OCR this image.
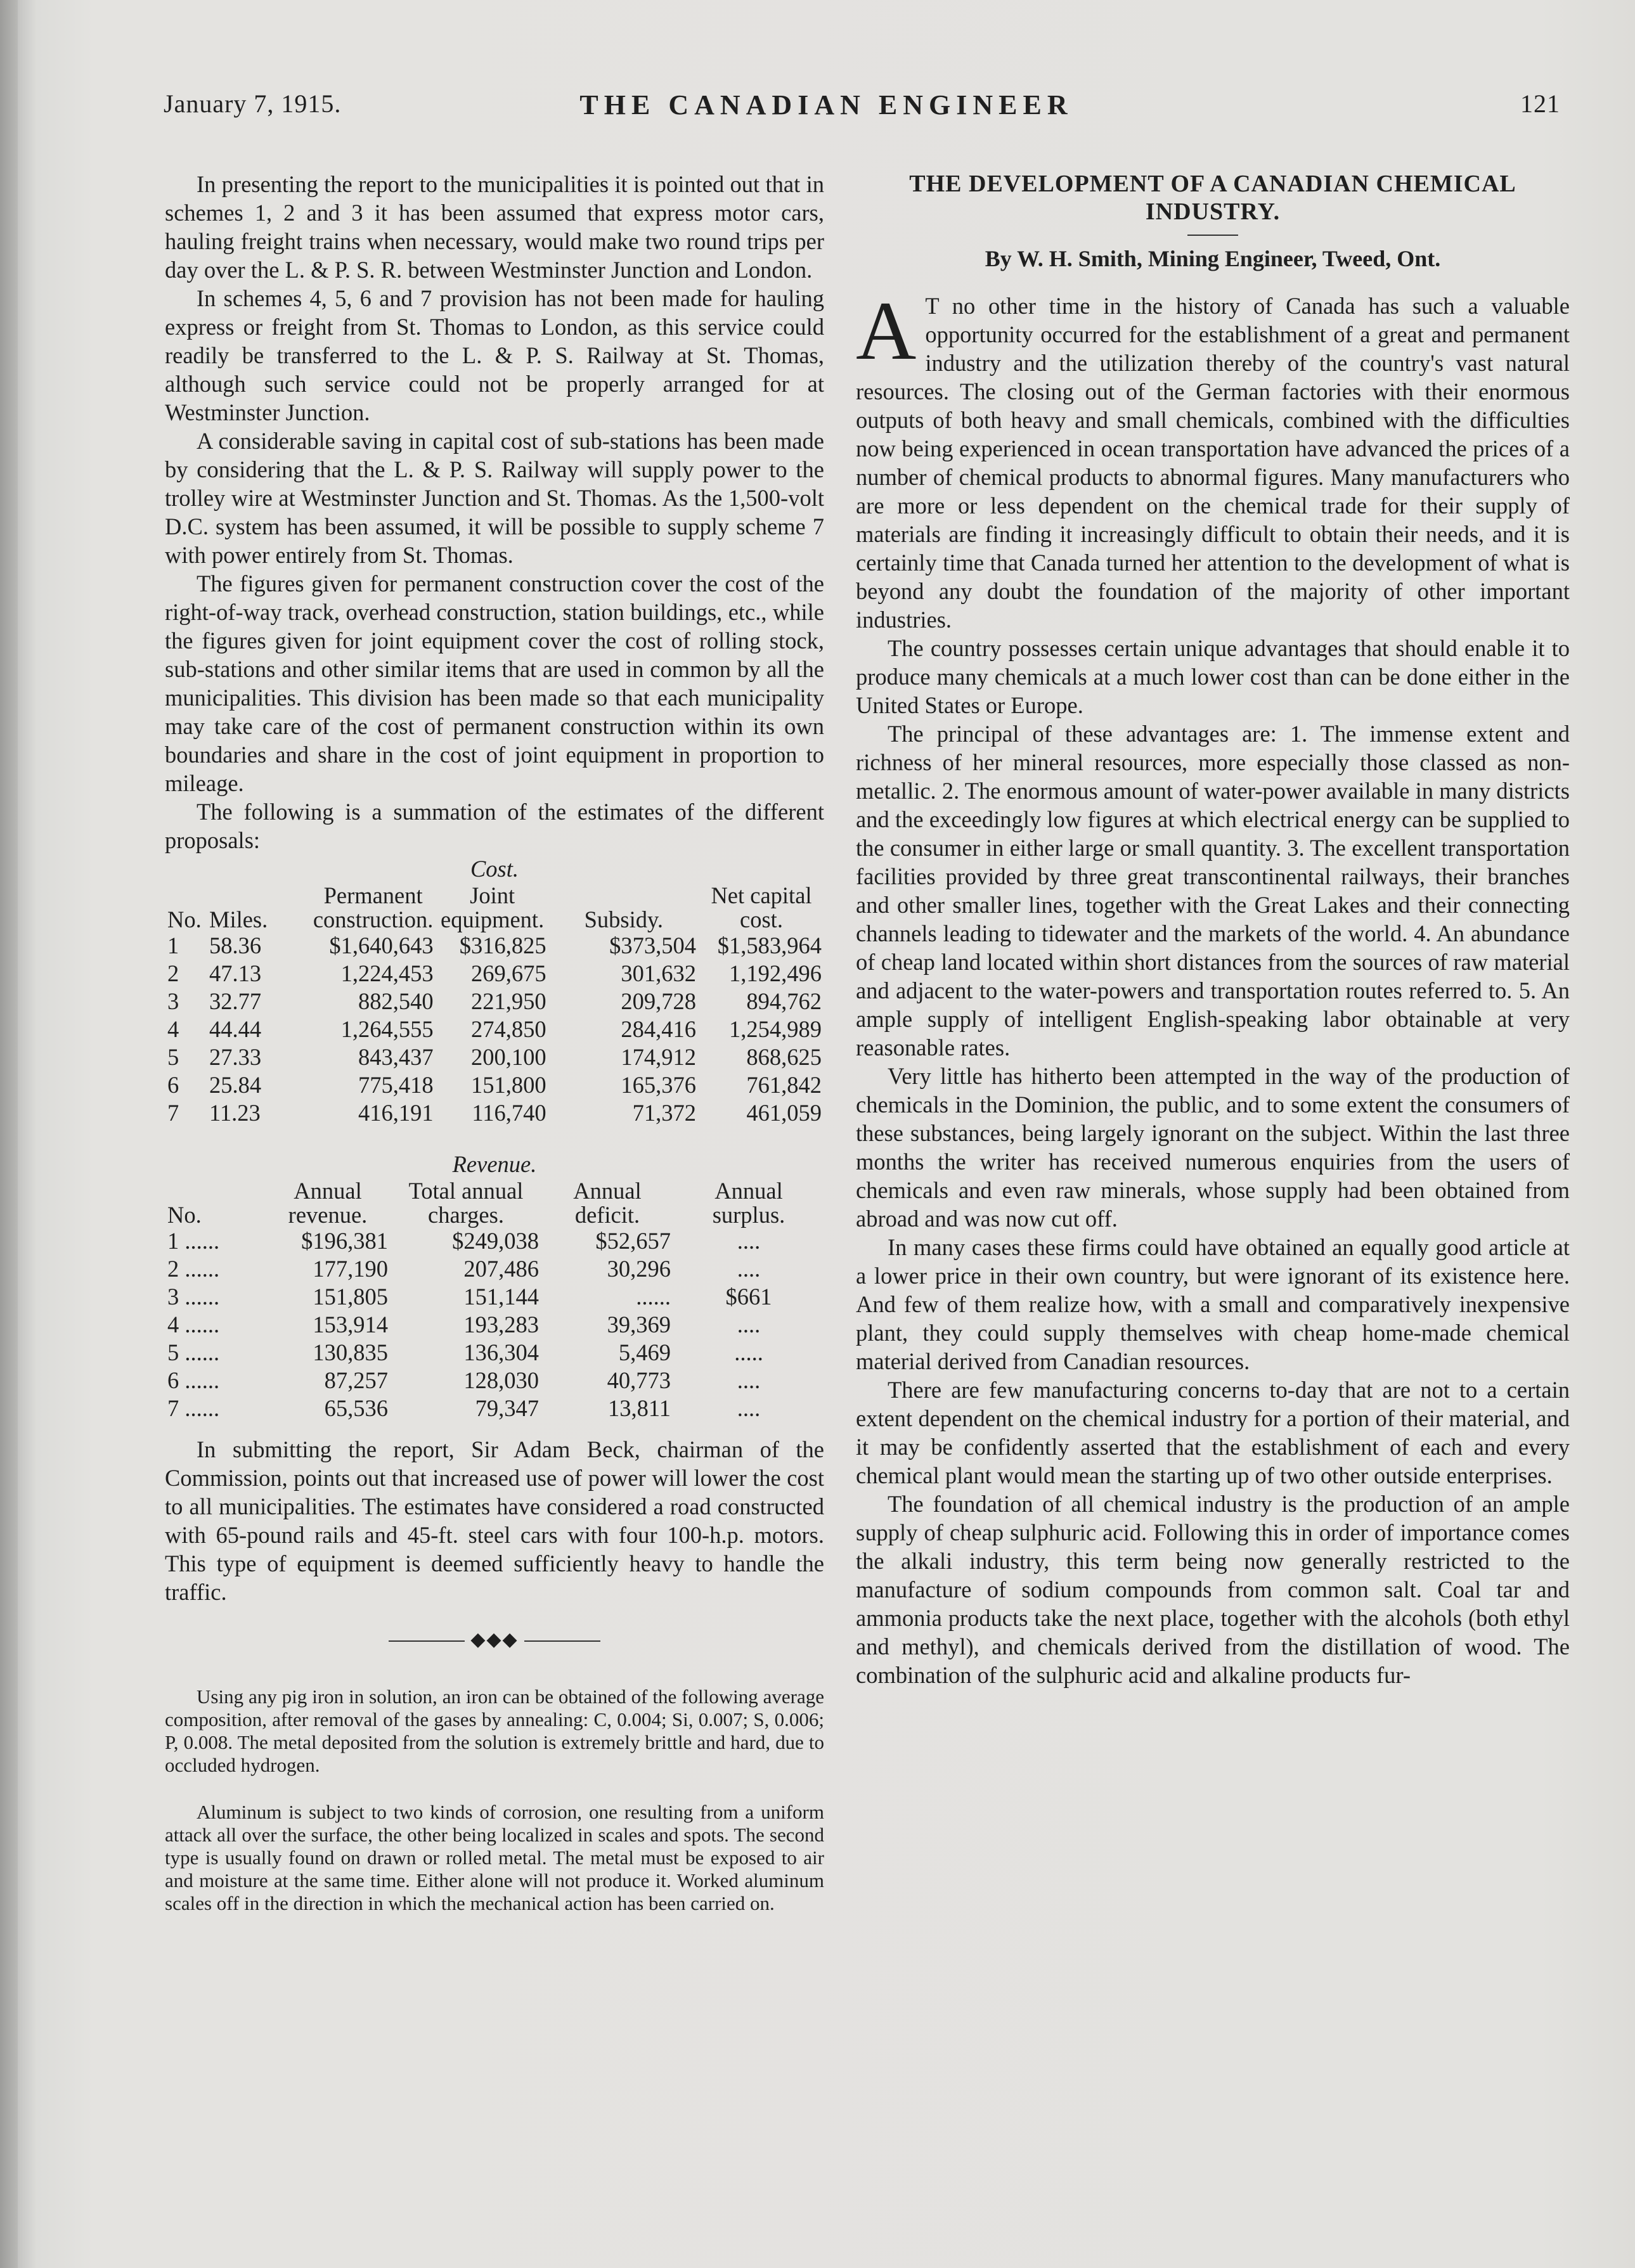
January 7, 1915.	THE CANADIAN ENGINEER	121

In presenting the report to the municipalities it is pointed out that in schemes 1, 2 and 3 it has been assumed that express motor cars, hauling freight trains when necessary, would make two round trips per day over the L. & P. S. R. between Westminster Junction and London.

In schemes 4, 5, 6 and 7 provision has not been made for hauling express or freight from St. Thomas to London, as this service could readily be transferred to the L. & P. S. Railway at St. Thomas, although such service could not be properly arranged for at Westminster Junction.

A considerable saving in capital cost of sub-stations has been made by considering that the L. & P. S. Railway will supply power to the trolley wire at Westminster Junction and St. Thomas. As the 1,500-volt D.C. system has been assumed, it will be possible to supply scheme 7 with power entirely from St. Thomas.

The figures given for permanent construction cover the cost of the right-of-way track, overhead construction, station buildings, etc., while the figures given for joint equipment cover the cost of rolling stock, sub-stations and other similar items that are used in common by all the municipalities. This division has been made so that each municipality may take care of the cost of permanent construction within its own boundaries and share in the cost of joint equipment in proportion to mileage.

The following is a summation of the estimates of the different proposals:

Cost.
No.	Miles.	Permanent construction.	Joint equipment.	Subsidy.	Net capital cost.
1	58.36	$1,640,643	$316,825	$373,504	$1,583,964
2	47.13	1,224,453	269,675	301,632	1,192,496
3	32.77	882,540	221,950	209,728	894,762
4	44.44	1,264,555	274,850	284,416	1,254,989
5	27.33	843,437	200,100	174,912	868,625
6	25.84	775,418	151,800	165,376	761,842
7	11.23	416,191	116,740	71,372	461,059
Revenue.
No.	Annual revenue.	Total annual charges.	Annual deficit.	Annual surplus.
1 ......	$196,381	$249,038	$52,657	....
2 ......	177,190	207,486	30,296	....
3 ......	151,805	151,144	......	$661
4 ......	153,914	193,283	39,369	....
5 ......	130,835	136,304	5,469	.....
6 ......	87,257	128,030	40,773	....
7 ......	65,536	79,347	13,811	....

In submitting the report, Sir Adam Beck, chairman of the Commission, points out that increased use of power will lower the cost to all municipalities. The estimates have considered a road constructed with 65-pound rails and 45-ft. steel cars with four 100-h.p. motors. This type of equipment is deemed sufficiently heavy to handle the traffic.

◆◆◆

Using any pig iron in solution, an iron can be obtained of the following average composition, after removal of the gases by annealing: C, 0.004; Si, 0.007; S, 0.006; P, 0.008. The metal deposited from the solution is extremely brittle and hard, due to occluded hydrogen.

Aluminum is subject to two kinds of corrosion, one resulting from a uniform attack all over the surface, the other being localized in scales and spots. The second type is usually found on drawn or rolled metal. The metal must be exposed to air and moisture at the same time. Either alone will not produce it. Worked aluminum scales off in the direction in which the mechanical action has been carried on.

THE DEVELOPMENT OF A CANADIAN CHEMICAL INDUSTRY.
By W. H. Smith, Mining Engineer, Tweed, Ont.

A T no other time in the history of Canada has such a valuable opportunity occurred for the establishment of a great and permanent industry and the utilization thereby of the country's vast natural resources. The closing out of the German factories with their enormous outputs of both heavy and small chemicals, combined with the difficulties now being experienced in ocean transportation have advanced the prices of a number of chemical products to abnormal figures. Many manufacturers who are more or less dependent on the chemical trade for their supply of materials are finding it increasingly difficult to obtain their needs, and it is certainly time that Canada turned her attention to the development of what is beyond any doubt the foundation of the majority of other important industries.

The country possesses certain unique advantages that should enable it to produce many chemicals at a much lower cost than can be done either in the United States or Europe.

The principal of these advantages are: 1. The immense extent and richness of her mineral resources, more especially those classed as non-metallic. 2. The enormous amount of water-power available in many districts and the exceedingly low figures at which electrical energy can be supplied to the consumer in either large or small quantity. 3. The excellent transportation facilities provided by three great transcontinental railways, their branches and other smaller lines, together with the Great Lakes and their connecting channels leading to tidewater and the markets of the world. 4. An abundance of cheap land located within short distances from the sources of raw material and adjacent to the water-powers and transportation routes referred to. 5. An ample supply of intelligent English-speaking labor obtainable at very reasonable rates.

Very little has hitherto been attempted in the way of the production of chemicals in the Dominion, the public, and to some extent the consumers of these substances, being largely ignorant on the subject. Within the last three months the writer has received numerous enquiries from the users of chemicals and even raw minerals, whose supply had been obtained from abroad and was now cut off.

In many cases these firms could have obtained an equally good article at a lower price in their own country, but were ignorant of its existence here. And few of them realize how, with a small and comparatively inexpensive plant, they could supply themselves with cheap home-made chemical material derived from Canadian resources.

There are few manufacturing concerns to-day that are not to a certain extent dependent on the chemical industry for a portion of their material, and it may be confidently asserted that the establishment of each and every chemical plant would mean the starting up of two other outside enterprises.

The foundation of all chemical industry is the production of an ample supply of cheap sulphuric acid. Following this in order of importance comes the alkali industry, this term being now generally restricted to the manufacture of sodium compounds from common salt. Coal tar and ammonia products take the next place, together with the alcohols (both ethyl and methyl), and chemicals derived from the distillation of wood. The combination of the sulphuric acid and alkaline products fur-
